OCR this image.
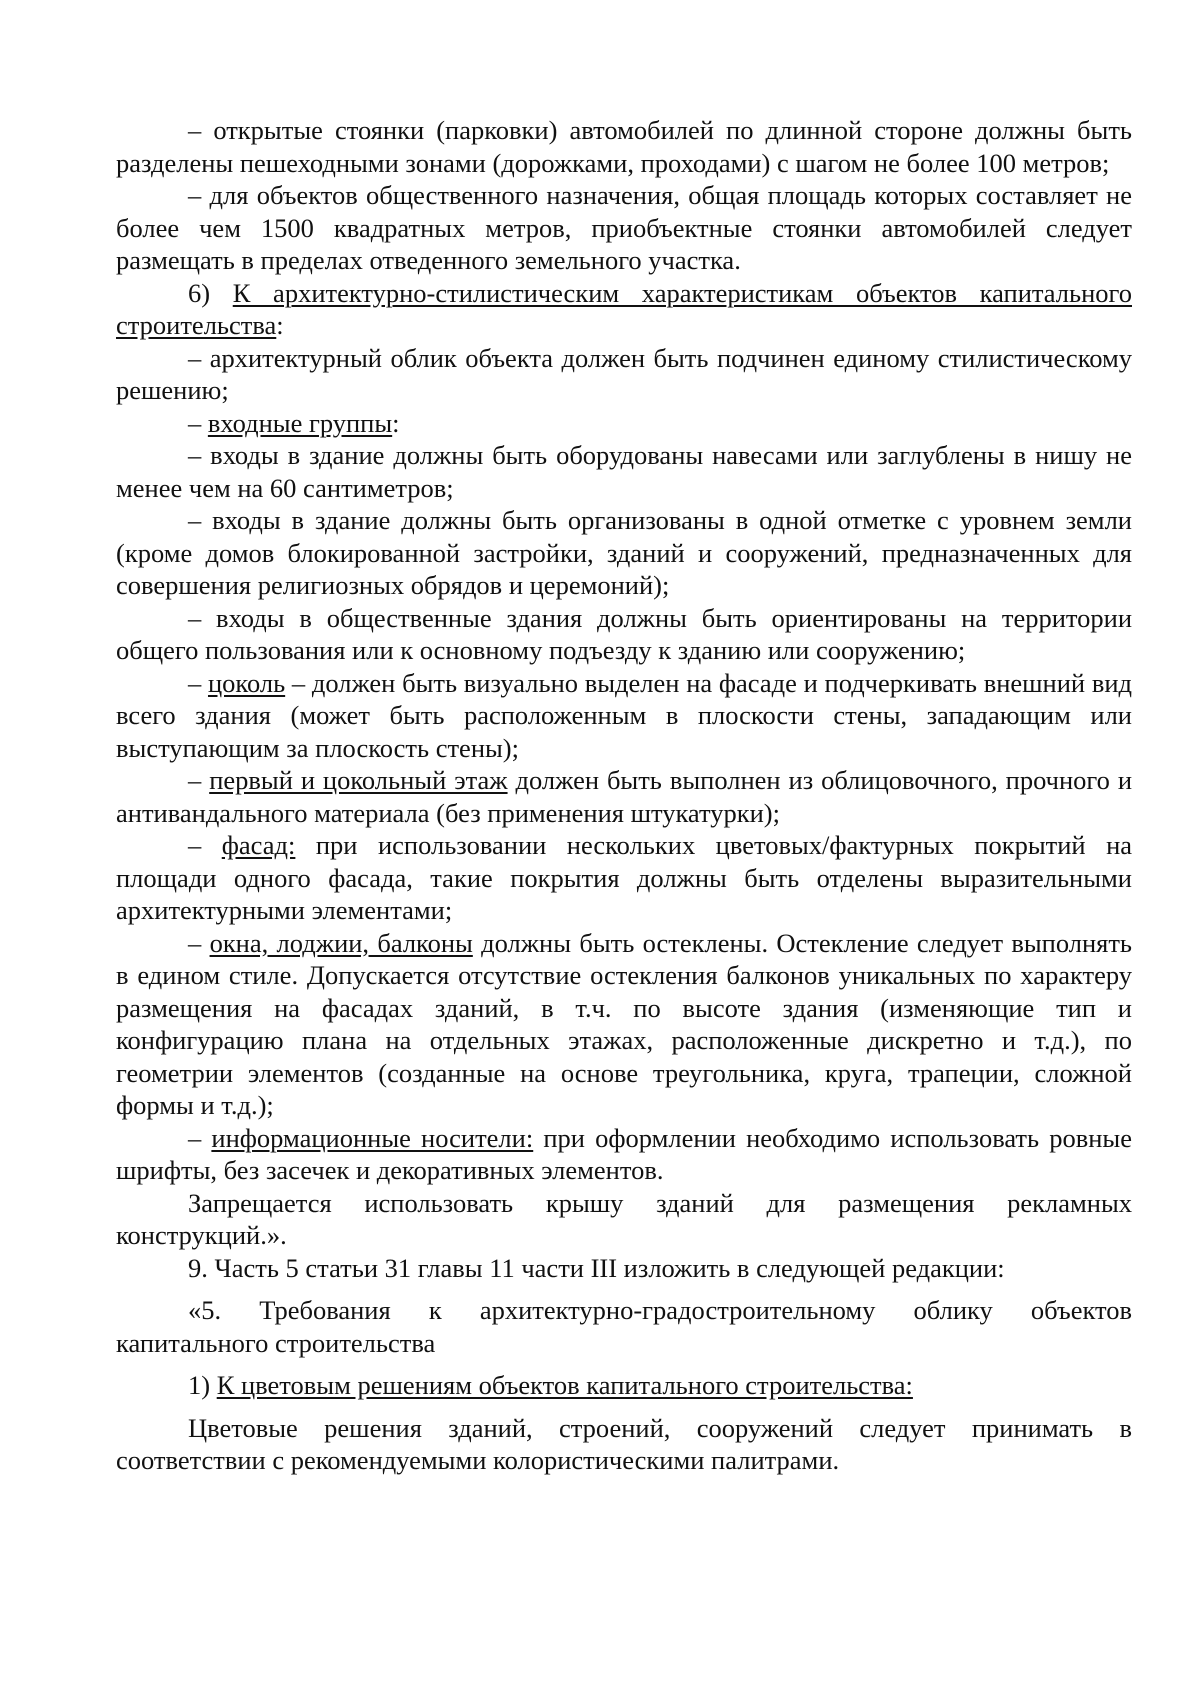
– открытые стоянки (парковки) автомобилей по длинной стороне должны быть разделены пешеходными зонами (дорожками, проходами) с шагом не более 100 метров;

– для объектов общественного назначения, общая площадь которых составляет не более чем 1500 квадратных метров, приобъектные стоянки автомобилей следует размещать в пределах отведенного земельного участка.

6) К архитектурно-стилистическим характеристикам объектов капитального строительства:

– архитектурный облик объекта должен быть подчинен единому стилистическому решению;

– входные группы:

– входы в здание должны быть оборудованы навесами или заглублены в нишу не менее чем на 60 сантиметров;

– входы в здание должны быть организованы в одной отметке с уровнем земли (кроме домов блокированной застройки, зданий и сооружений, предназначенных для совершения религиозных обрядов и церемоний);

– входы в общественные здания должны быть ориентированы на территории общего пользования или к основному подъезду к зданию или сооружению;

– цоколь – должен быть визуально выделен на фасаде и подчеркивать внешний вид всего здания (может быть расположенным в плоскости стены, западающим или выступающим за плоскость стены);

– первый и цокольный этаж должен быть выполнен из облицовочного, прочного и антивандального материала (без применения штукатурки);

– фасад: при использовании нескольких цветовых/фактурных покрытий на площади одного фасада, такие покрытия должны быть отделены выразительными архитектурными элементами;

– окна, лоджии, балконы должны быть остеклены. Остекление следует выполнять в едином стиле. Допускается отсутствие остекления балконов уникальных по характеру размещения на фасадах зданий, в т.ч. по высоте здания (изменяющие тип и конфигурацию плана на отдельных этажах, расположенные дискретно и т.д.), по геометрии элементов (созданные на основе треугольника, круга, трапеции, сложной формы и т.д.);

– информационные носители: при оформлении необходимо использовать ровные шрифты, без засечек и декоративных элементов.

Запрещается использовать крышу зданий для размещения рекламных конструкций.».

9. Часть 5 статьи 31 главы 11 части III изложить в следующей редакции:

«5. Требования к архитектурно-градостроительному облику объектов капитального строительства

1) К цветовым решениям объектов капитального строительства:

Цветовые решения зданий, строений, сооружений следует принимать в соответствии с рекомендуемыми колористическими палитрами.
